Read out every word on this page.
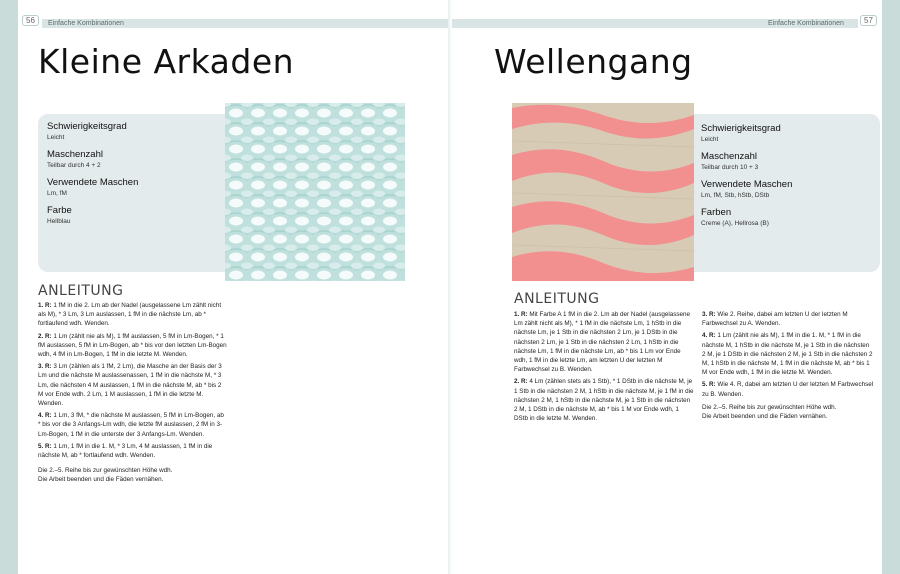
56	Einfache Kombinationen
Kleine Arkaden

Schwierigkeitsgrad

Leicht

Maschenzahl

Teilbar durch 4 + 2

Verwendete Maschen

Lm, fM

Farbe

Hellblau

ANLEITUNG

1. R: 1 fM in die 2. Lm ab der Nadel (ausgelassene Lm zählt nicht als M), * 3 Lm, 3 Lm auslassen, 1 fM in die nächste Lm, ab * fortlaufend wdh. Wenden.

2. R: 1 Lm (zählt nie als M), 1 fM auslassen, 5 fM in Lm-Bogen, * 1 fM auslassen, 5 fM in Lm-Bogen, ab * bis vor den letzten Lm-Bogen wdh, 4 fM in Lm-Bogen, 1 fM in die letzte M. Wenden.

3. R: 3 Lm (zählen als 1 fM, 2 Lm), die Masche an der Basis der 3 Lm und die nächste M auslassenassen, 1 fM in die nächste M, * 3 Lm, die nächsten 4 M auslassen, 1 fM in die nächste M, ab * bis 2 M vor Ende wdh. 2 Lm, 1 M auslassen, 1 fM in die letzte M. Wenden.

4. R: 1 Lm, 3 fM, * die nächste M auslassen, 5 fM in Lm-Bogen, ab * bis vor die 3 Anfangs-Lm wdh, die letzte fM auslassen, 2 fM in 3-Lm-Bogen, 1 fM in die unterste der 3 Anfangs-Lm. Wenden.

5. R: 1 Lm, 1 fM in die 1. M, * 3 Lm, 4 M auslassen, 1 fM in die nächste M, ab * fortlaufend wdh. Wenden.

Die 2.–5. Reihe bis zur gewünschten Höhe wdh.

Die Arbeit beenden und die Fäden vernähen.

57
Einfache Kombinationen
Wellengang

Schwierigkeitsgrad

Leicht

Maschenzahl

Teilbar durch 10 + 3

Verwendete Maschen

Lm, fM, Stb, hStb, DStb

Farben

Creme (A), Hellrosa (B)

ANLEITUNG

1. R: Mit Farbe A 1 fM in die 2. Lm ab der Nadel (ausgelassene Lm zählt nicht als M), * 1 fM in die nächste Lm, 1 hStb in die nächste Lm, je 1 Stb in die nächsten 2 Lm, je 1 DStb in die nächsten 2 Lm, je 1 Stb in die nächsten 2 Lm, 1 hStb in die nächste Lm, 1 fM in die nächste Lm, ab * bis 1 Lm vor Ende wdh, 1 fM in die letzte Lm, am letzten U der letzten M Farbwechsel zu B. Wenden.

2. R: 4 Lm (zählen stets als 1 Stb), * 1 DStb in die nächste M, je 1 Stb in die nächsten 2 M, 1 hStb in die nächste M, je 1 fM in die nächsten 2 M, 1 hStb in die nächste M, je 1 Stb in die nächsten 2 M, 1 DStb in die nächste M, ab * bis 1 M vor Ende wdh, 1 DStb in die letzte M. Wenden.

3. R: Wie 2. Reihe, dabei am letzten U der letzten M Farbwechsel zu A. Wenden.

4. R: 1 Lm (zählt nie als M), 1 fM in die 1. M, * 1 fM in die nächste M, 1 hStb in die nächste M, je 1 Stb in die nächsten 2 M, je 1 DStb in die nächsten 2 M, je 1 Stb in die nächsten 2 M, 1 hStb in die nächste M, 1 fM in die nächste M, ab * bis 1 M vor Ende wdh, 1 fM in die letzte M. Wenden.

5. R: Wie 4. R, dabei am letzten U der letzten M Farbwechsel zu B. Wenden.

Die 2.–5. Reihe bis zur gewünschten Höhe wdh.

Die Arbeit beenden und die Fäden vernähen.
